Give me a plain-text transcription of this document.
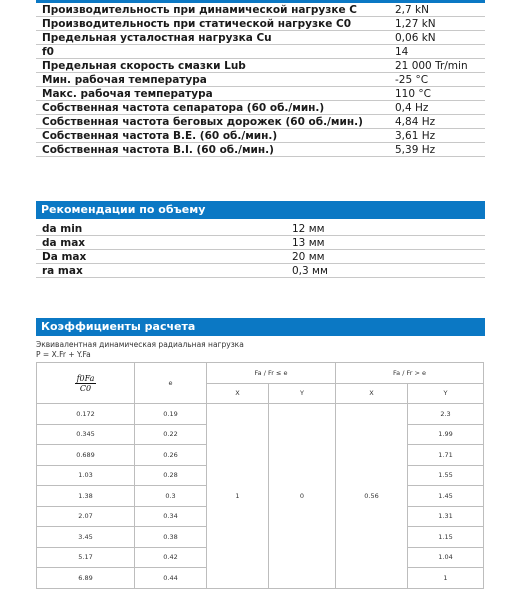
Производительность при динамической нагрузке C	2,7 kN
Производительность при статической нагрузке C0	1,27 kN
Предельная усталостная нагрузка Cu	0,06 kN
f0	14
Предельная скорость смазки Lub	21 000 Tr/min
Мин. рабочая температура	-25 °C
Макс. рабочая температура	110 °C
Собственная частота сепаратора (60 об./мин.)	0,4 Hz
Собственная частота беговых дорожек (60 об./мин.)	4,84 Hz
Собственная частота B.E. (60 об./мин.)	3,61 Hz
Собственная частота B.I. (60 об./мин.)	5,39 Hz
Рекомендации по объему
da min	12 мм
da max	13 мм
Da max	20 мм
ra max	0,3 мм
Коэффициенты расчета
Эквивалентная динамическая радиальная нагрузка
P = X.Fr + Y.Fa
$\frac{f0Fa}{C0}$	e	Fa / Fr ≤ e		Fa / Fr > e	
		X	Y	X	Y
0.172	0.19	1	0	0.56	2.3
0.345	0.22				1.99
0.689	0.26				1.71
1.03	0.28				1.55
1.38	0.3				1.45
2.07	0.34				1.31
3.45	0.38				1.15
5.17	0.42				1.04
6.89	0.44				1
